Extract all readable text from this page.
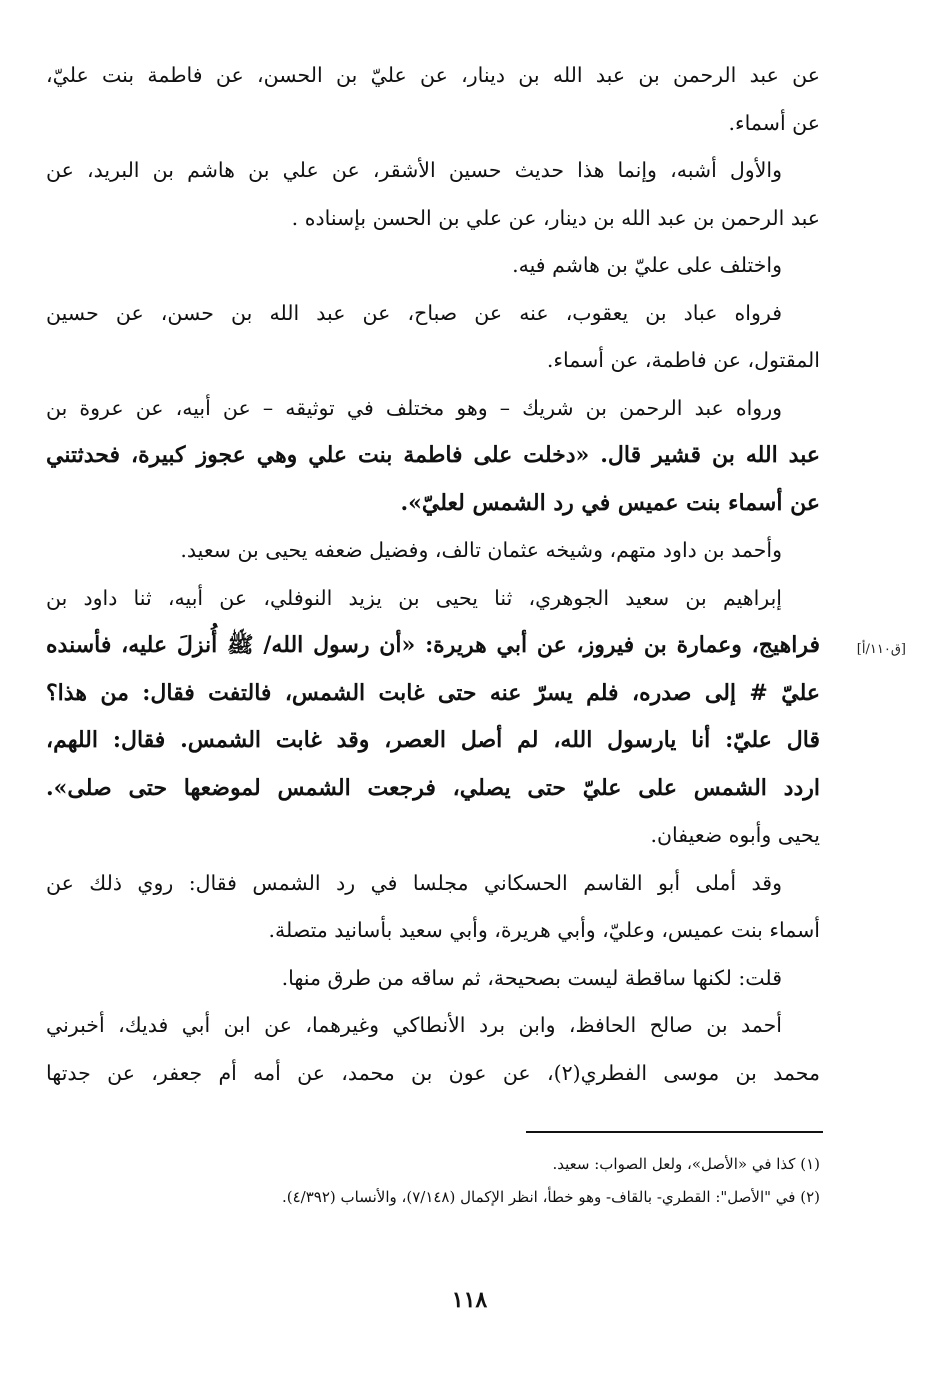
عن عبد الرحمن بن عبد الله بن دينار، عن عليّ بن الحسن، عن فاطمة بنت عليّ،
عن أسماء.
والأول أشبه، وإنما هذا حديث حسين الأشقر، عن علي بن هاشم بن البريد، عن
عبد الرحمن بن عبد الله بن دينار، عن علي بن الحسن بإسناده .
واختلف على عليّ بن هاشم فيه.
فرواه عباد بن يعقوب، عنه عن صباح، عن عبد الله بن حسن، عن حسين
المقتول، عن فاطمة، عن أسماء.
ورواه عبد الرحمن بن شريك – وهو مختلف في توثيقه – عن أبيه، عن عروة بن
عبد الله بن قشير قال. «دخلت على فاطمة بنت علي وهي عجوز كبيرة، فحدثتني
عن أسماء بنت عميس في رد الشمس لعليّ».
وأحمد بن داود متهم، وشيخه عثمان تالف، وفضيل ضعفه يحيى بن سعيد.
إبراهيم بن سعيد الجوهري، ثنا يحيى بن يزيد النوفلي، عن أبيه، ثنا داود بن
فراهيج، وعمارة بن فيروز، عن أبي هريرة: «أن رسول الله/ ﷺ أُنزلَ عليه، فأسنده
عليّ # إلى صدره، فلم يسرّ عنه حتى غابت الشمس، فالتفت فقال: من هذا؟
قال عليّ: أنا يارسول الله، لم أصل العصر، وقد غابت الشمس. فقال: اللهم،
اردد الشمس على عليّ حتى يصلي، فرجعت الشمس لموضعها حتى صلى».
يحيى وأبوه ضعيفان.
وقد أملى أبو القاسم الحسكاني مجلسا في رد الشمس فقال: روي ذلك عن
أسماء بنت عميس، وعليّ، وأبي هريرة، وأبي سعيد بأسانيد متصلة.
قلت: لكنها ساقطة ليست بصحيحة، ثم ساقه من طرق منها.
أحمد بن صالح الحافظ، وابن برد الأنطاكي وغيرهما، عن ابن أبي فديك، أخبرني
محمد بن موسى الفطري(٢)، عن عون بن محمد، عن أمه أم جعفر، عن جدتها
[ق١١٠/أ]
(١) كذا في «الأصل»، ولعل الصواب: سعيد.
(٢) في "الأصل": القطري- بالقاف- وهو خطأ، انظر الإكمال (٧/١٤٨)، والأنساب (٤/٣٩٢).
١١٨
